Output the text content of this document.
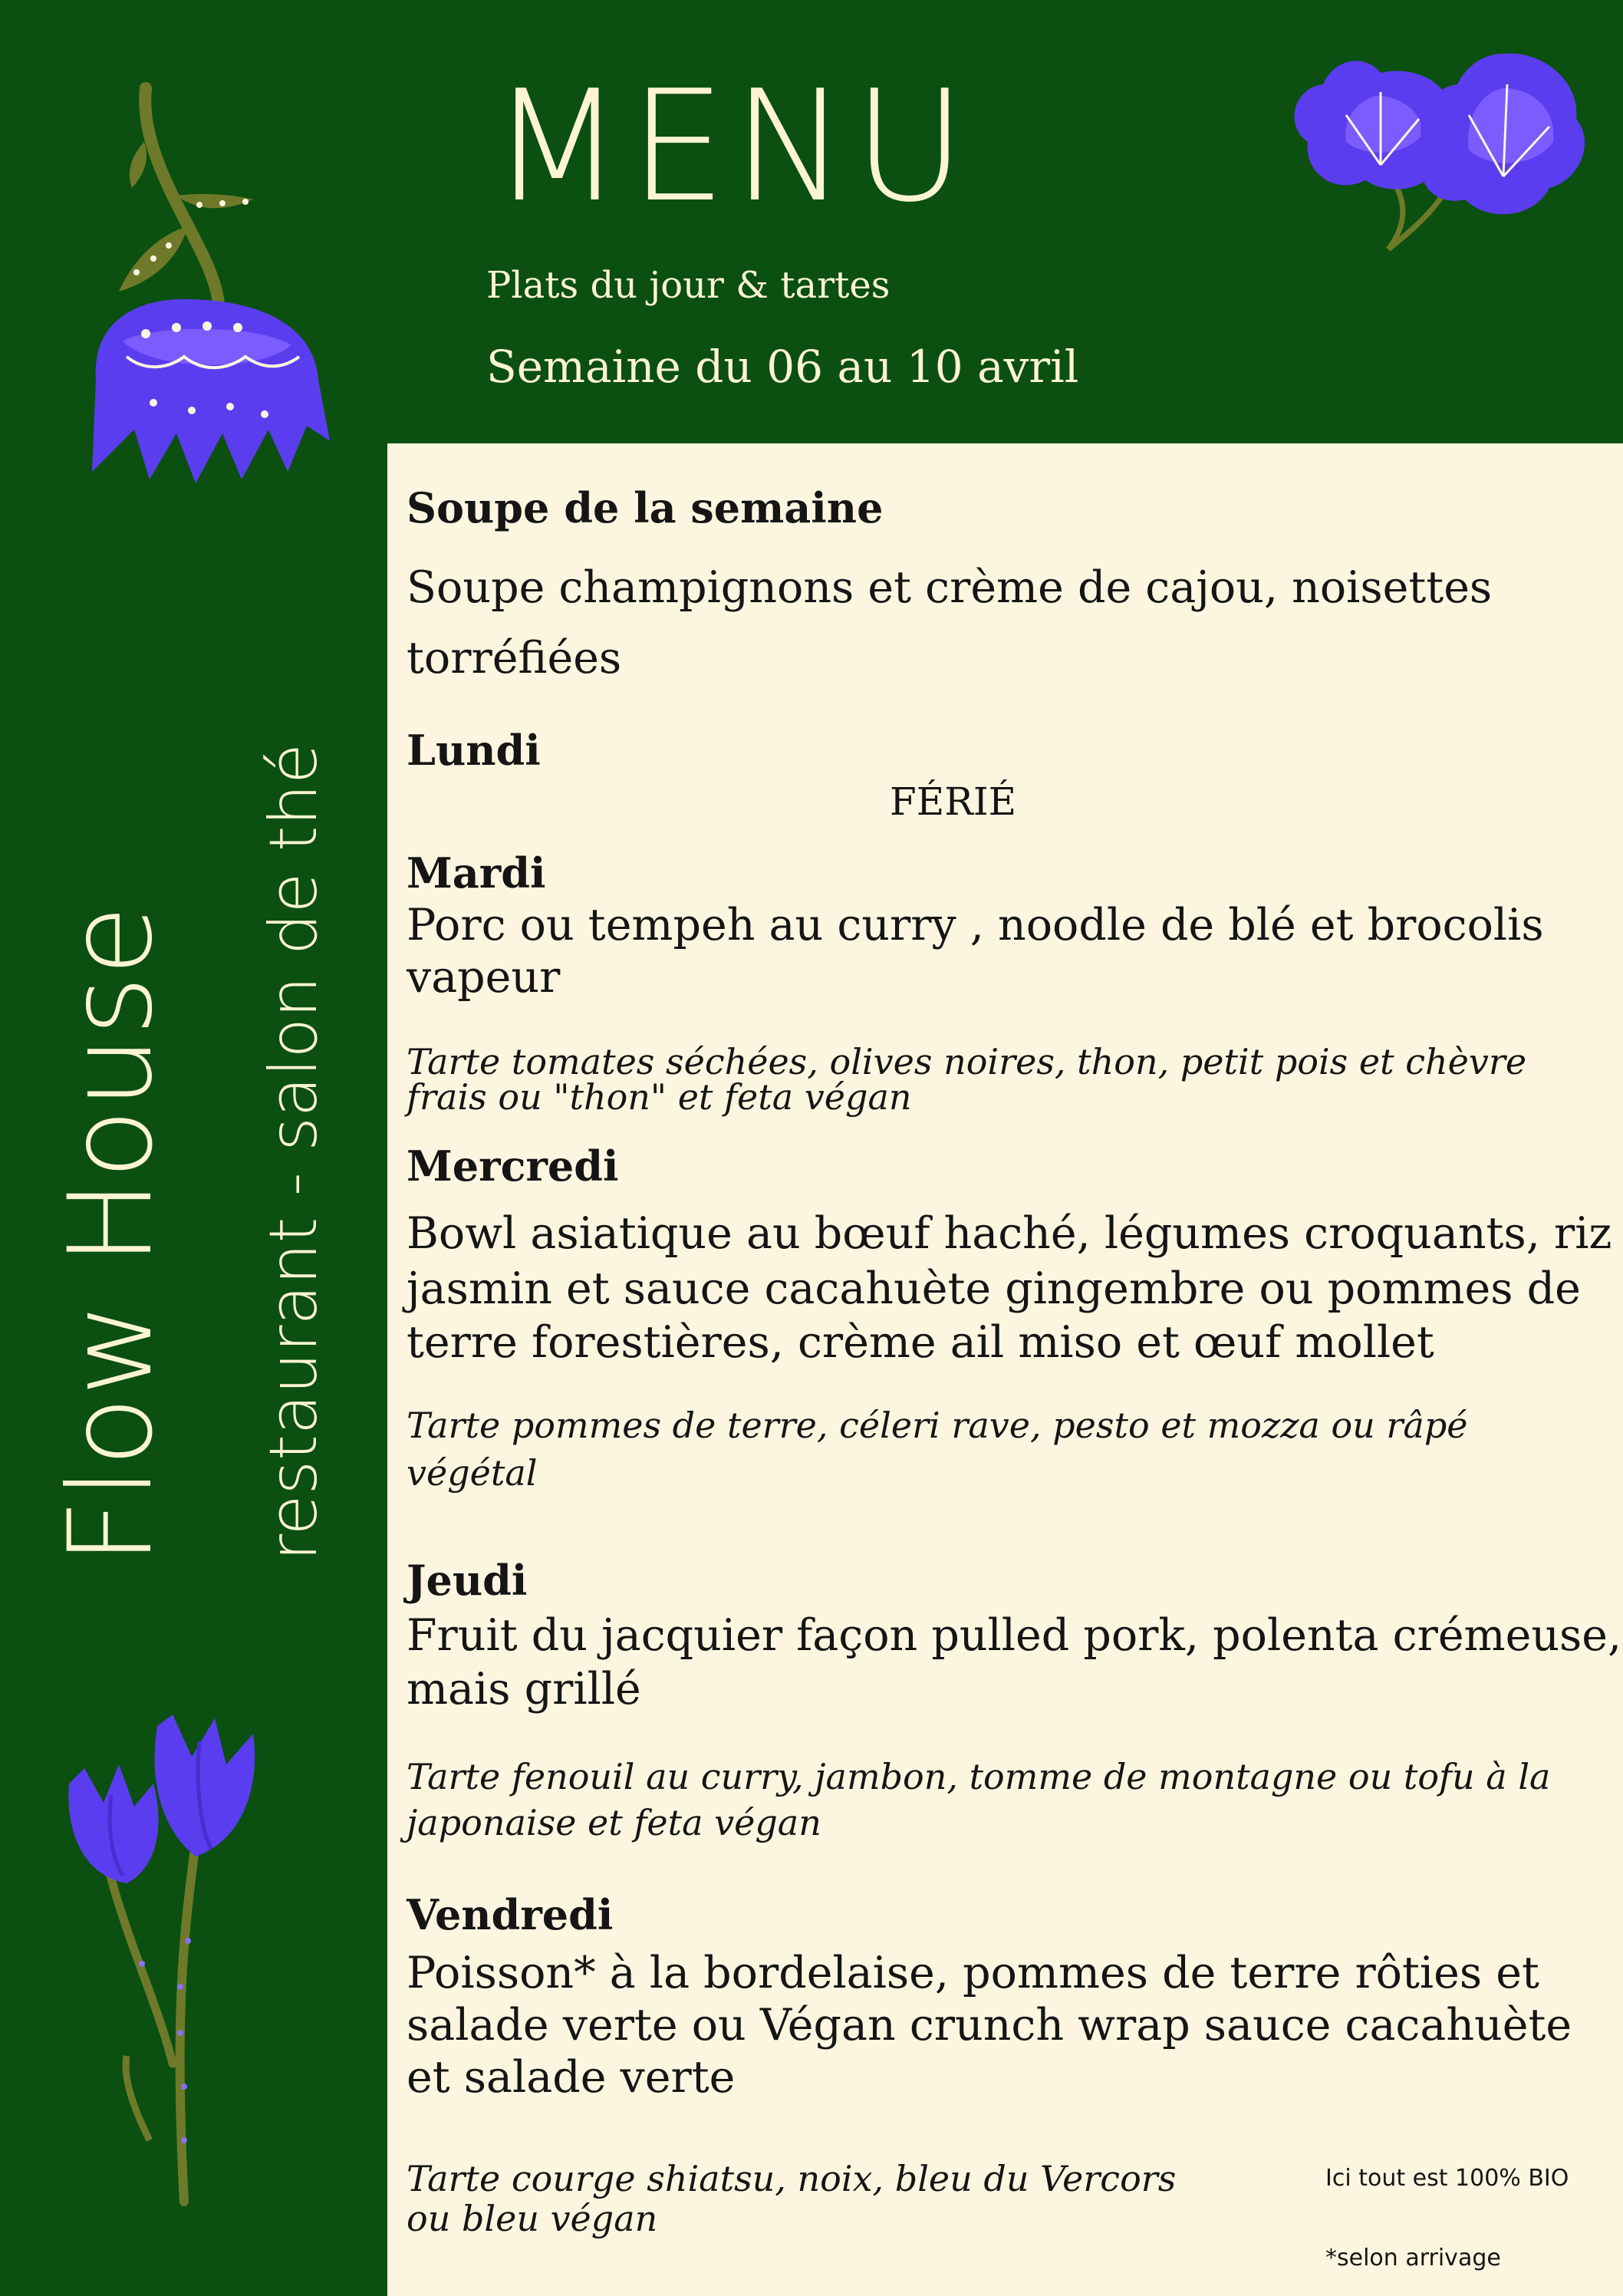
MENU

Plats du jour & tartes

Semaine du 06 au 10 avril

Flow House restaurant - salon de thé

Soupe de la semaine

Soupe champignons et crème de cajou, noisettes

torréfiées

Lundi

FÉRIÉ

Mardi

Porc ou tempeh au curry , noodle de blé et brocolis

vapeur

Tarte tomates séchées, olives noires, thon, petit pois et chèvre

frais ou "thon" et feta végan

Mercredi

Bowl asiatique au bœuf haché, légumes croquants, riz

jasmin et sauce cacahuète gingembre ou pommes de

terre forestières, crème ail miso et œuf mollet

Tarte pommes de terre, céleri rave, pesto et mozza ou râpé

végétal

Jeudi

Fruit du jacquier façon pulled pork, polenta crémeuse,

mais grillé

Tarte fenouil au curry, jambon, tomme de montagne ou tofu à la

japonaise et feta végan

Vendredi

Poisson* à la bordelaise, pommes de terre rôties et

salade verte ou Végan crunch wrap sauce cacahuète

et salade verte

Tarte courge shiatsu, noix, bleu du Vercors

ou bleu végan

Ici tout est 100% BIO

*selon arrivage
